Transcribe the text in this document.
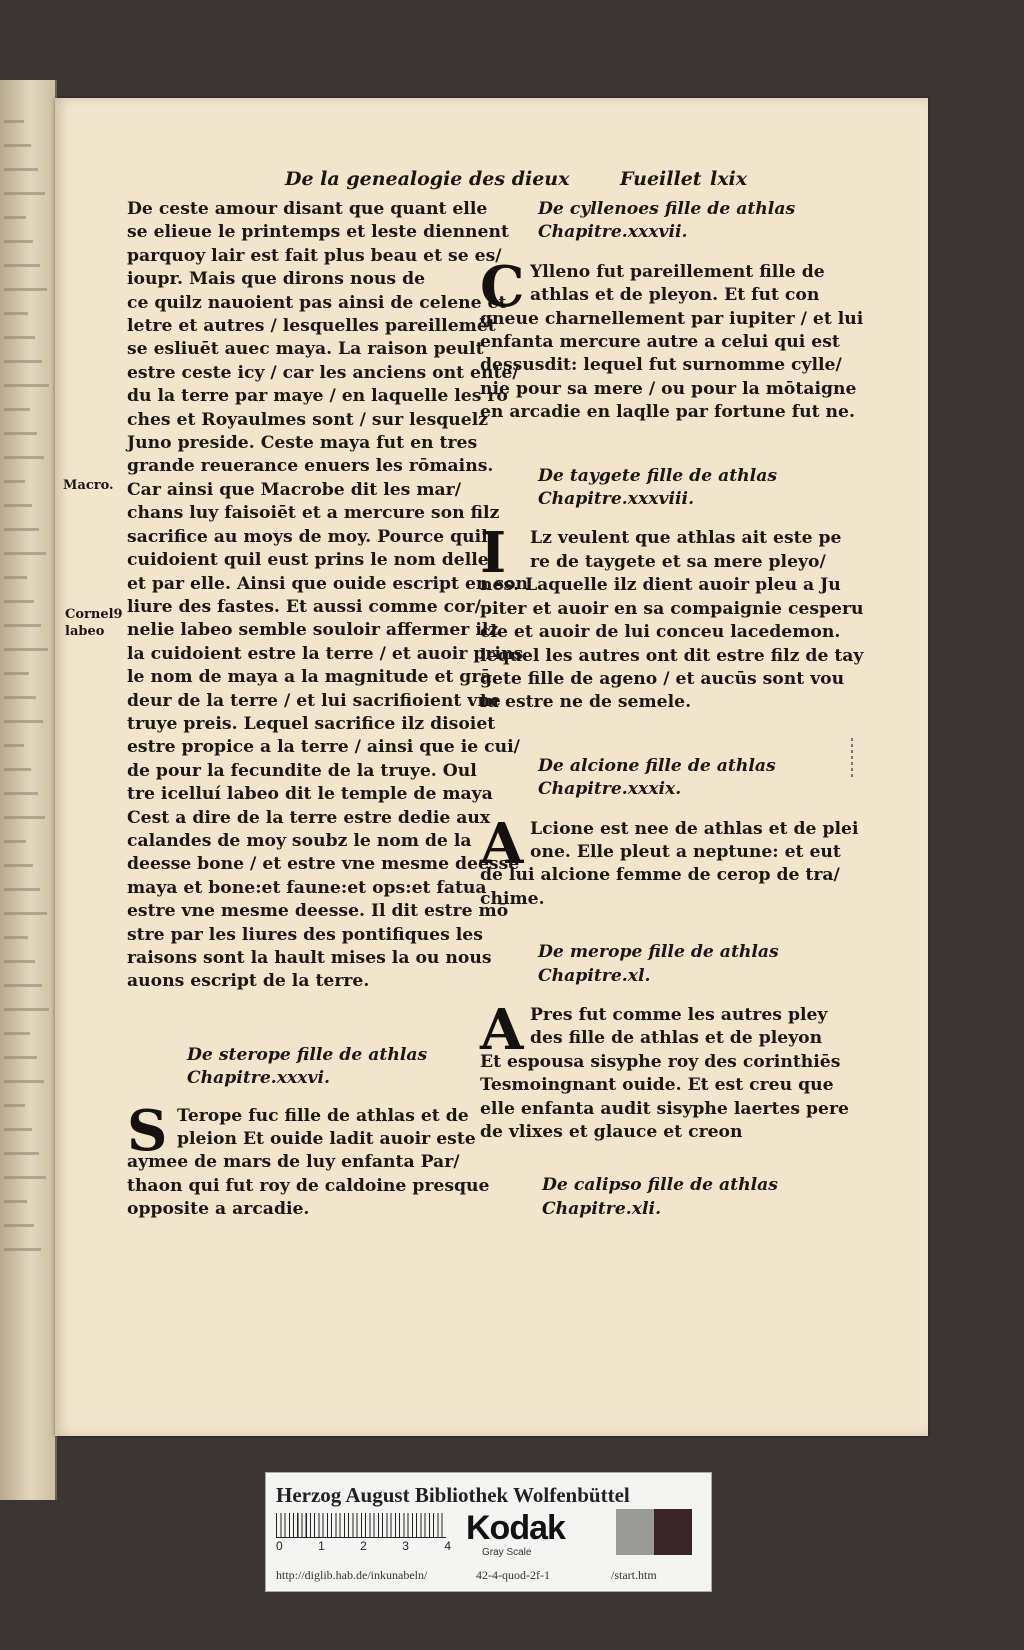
De la genealogie des dieux	Fueillet lxix
Macro.
Cornel9
labeo
De ceste amour disant que quant elle
se elieue le printemps et leste diennent
parquoy lair est fait plus beau et se es/
ioupr. Mais que dirons nous de
ce quilz nauoient pas ainsi de celene et
letre et autres / lesquelles pareillemēt
se esliuēt auec maya. La raison peult
estre ceste icy / car les anciens ont entē/
du la terre par maye / en laquelle les ro
ches et Royaulmes sont / sur lesquelz
Juno preside. Ceste maya fut en tres
grande reuerance enuers les rōmains.
Car ainsi que Macrobe dit les mar/
chans luy faisoiēt et a mercure son filz
sacrifice au moys de moy. Pource quilz
cuidoient quil eust prins le nom delle
et par elle. Ainsi que ouide escript en son
liure des fastes. Et aussi comme cor/
nelie labeo semble souloir affermer ilz
la cuidoient estre la terre / et auoir prins
le nom de maya a la magnitude et grā
deur de la terre / et lui sacrifioient vne
truye preis. Lequel sacrifice ilz disoiet
estre propice a la terre / ainsi que ie cui/
de pour la fecundite de la truye. Oul
tre icelluí labeo dit le temple de maya
Cest a dire de la terre estre dedie aux
calandes de moy soubz le nom de la
deesse bone / et estre vne mesme deesse
maya et bone:et faune:et ops:et fatua
estre vne mesme deesse. Il dit estre mō
stre par les liures des pontifiques les
raisons sont la hault mises la ou nous
auons escript de la terre.
De sterope fille de athlas
Chapitre.xxxvi.
S Terope fuc fille de athlas et de
pleion Et ouide ladit auoir este
aymee de mars de luy enfanta Par/
thaon qui fut roy de caldoine presque
opposite a arcadie.
De cyllenoes fille de athlas
Chapitre.xxxvii.
C Ylleno fut pareillement fille de
athlas et de pleyon. Et fut con
gneue charnellement par iupiter / et lui
enfanta mercure autre a celui qui est
dessusdit: lequel fut surnomme cylle/
nie pour sa mere / ou pour la mōtaigne
en arcadie en laqlle par fortune fut ne.
De taygete fille de athlas
Chapitre.xxxviii.
I	Lz veulent que athlas ait este pe
re de taygete et sa mere pleyo/
nes. Laquelle ilz dient auoir pleu a Ju
piter et auoir en sa compaignie cesperu
cle et auoir de lui conceu lacedemon.
lequel les autres ont dit estre filz de tay
gete fille de ageno / et aucūs sont vou
lu estre ne de semele.
De alcione fille de athlas
Chapitre.xxxix.
A Lcione est nee de athlas et de plei
one. Elle pleut a neptune: et eut
de lui alcione femme de cerop de tra/
chime.
De merope fille de athlas
Chapitre.xl.
A Pres fut comme les autres pley
des fille de athlas et de pleyon
Et espousa sisyphe roy des corinthiēs
Tesmoingnant ouide. Et est creu que
elle enfanta audit sisyphe laertes pere
de vlixes et glauce et creon
De calipso fille de athlas
Chapitre.xli.
Herzog August Bibliothek Wolfenbüttel
0	1	2	3	4 Kodak
Gray Scale
http://diglib.hab.de/inkunabeln/	42-4-quod-2f-1	/start.htm
